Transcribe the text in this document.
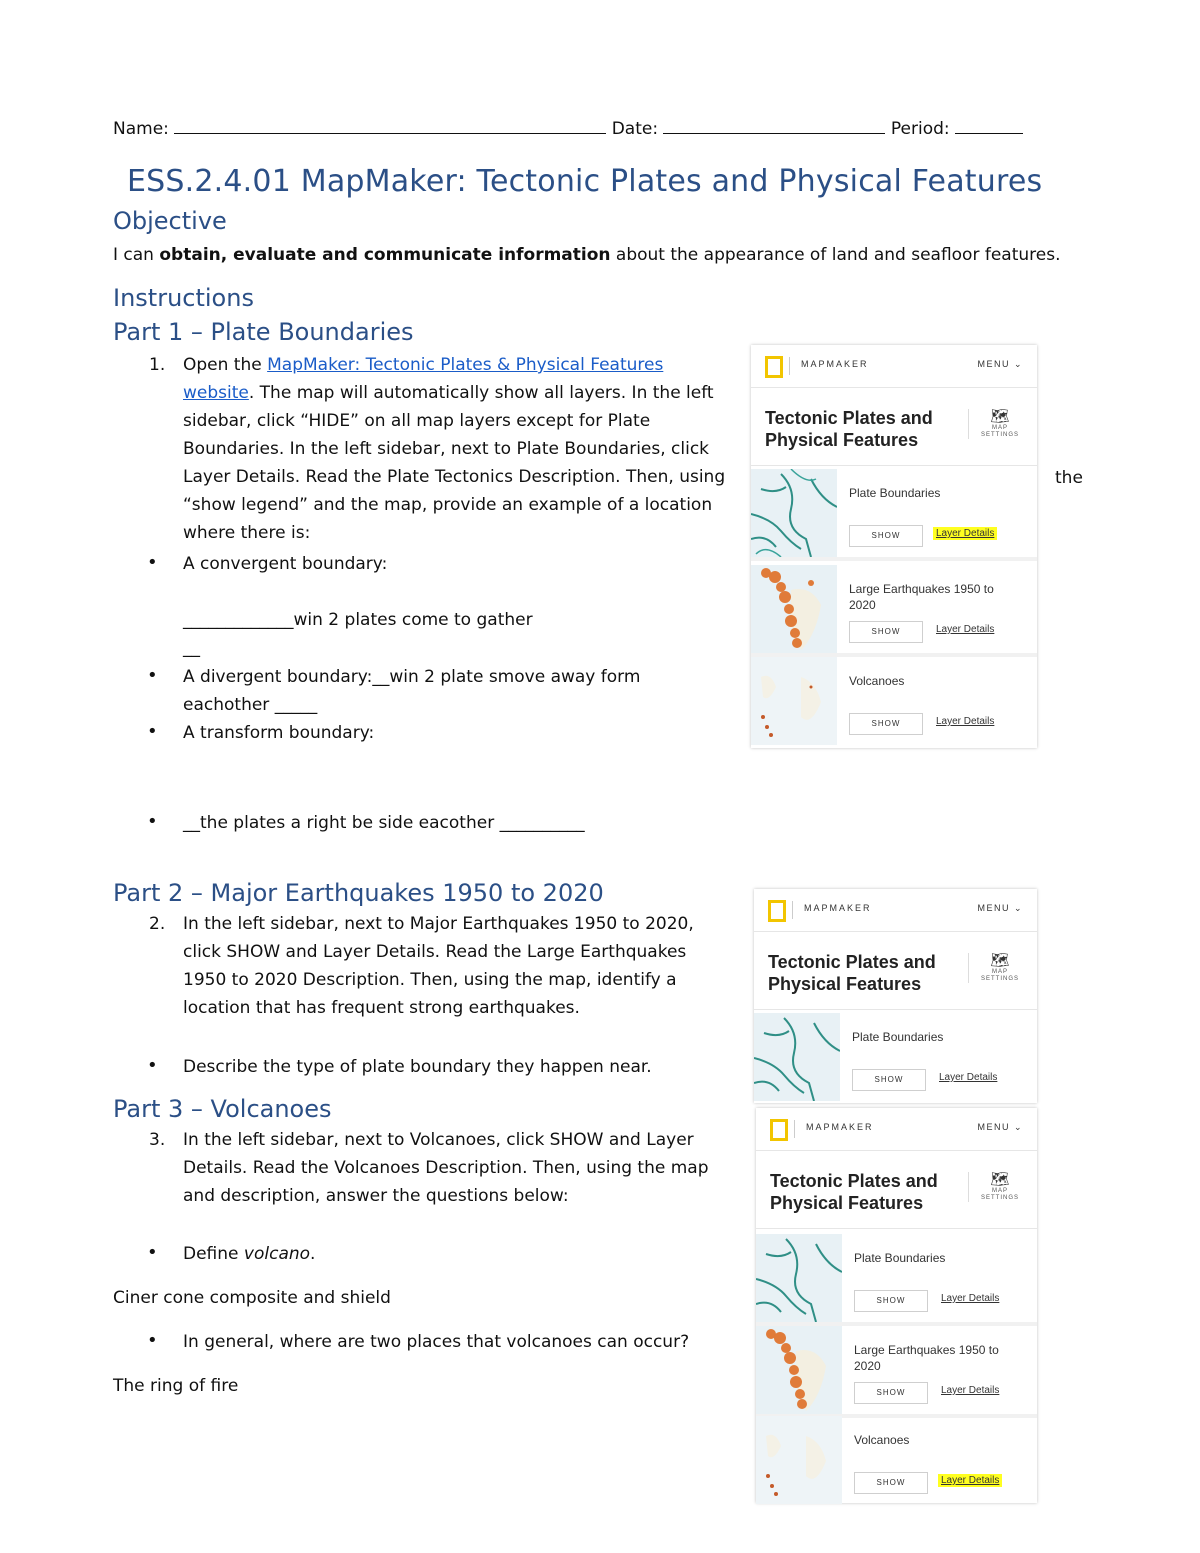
Name:	Date:	Period:
ESS.2.4.01 MapMaker: Tectonic Plates and Physical Features
Objective
I can obtain, evaluate and communicate information about the appearance of land and seafloor features.
Instructions
Part 1 – Plate Boundaries
1. Open the MapMaker: Tectonic Plates & Physical Features
website. The map will automatically show all layers. In the left
sidebar, click “HIDE” on all map layers except for Plate
Boundaries. In the left sidebar, next to Plate Boundaries, click
Layer Details. Read the Plate Tectonics Description. Then, using
“show legend” and the map, provide an example of a location
where there is:
the
• A convergent boundary:
_____________win 2 plates come to gather
__
• A divergent boundary:__win 2 plate smove away form
eachother _____
• A transform boundary:
• __the plates a right be side eacother __________
Part 2 – Major Earthquakes 1950 to 2020
2. In the left sidebar, next to Major Earthquakes 1950 to 2020,
click SHOW and Layer Details. Read the Large Earthquakes
1950 to 2020 Description. Then, using the map, identify a
location that has frequent strong earthquakes.
• Describe the type of plate boundary they happen near.
Part 3 – Volcanoes
3. In the left sidebar, next to Volcanoes, click SHOW and Layer
Details. Read the Volcanoes Description. Then, using the map
and description, answer the questions below:
• Define volcano.
Ciner cone composite and shield
• In general, where are two places that volcanoes can occur?
The ring of fire
MAPMAKER	MENU ⌄
Tectonic Plates and
Physical Features
🗺
MAP SETTINGS
Plate Boundaries
SHOW	Layer Details
Large Earthquakes 1950 to 2020
SHOW	Layer Details
Volcanoes
SHOW	Layer Details
MAPMAKER	MENU ⌄
Tectonic Plates and
Physical Features
🗺
MAP SETTINGS
Plate Boundaries
SHOW	Layer Details
MAPMAKER	MENU ⌄
Tectonic Plates and
Physical Features
🗺
MAP SETTINGS
Plate Boundaries
SHOW	Layer Details
Large Earthquakes 1950 to 2020
SHOW	Layer Details
Volcanoes
SHOW	Layer Details
